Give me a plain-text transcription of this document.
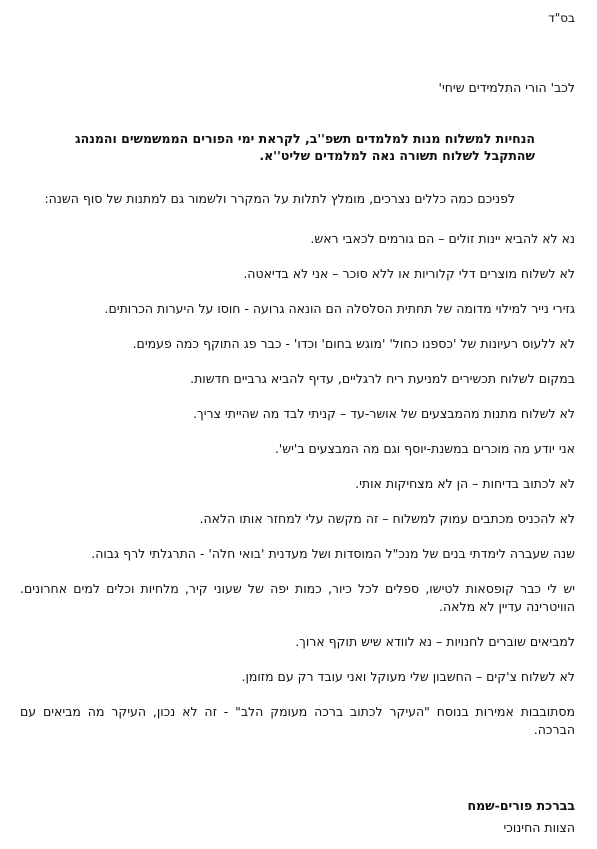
בס"ד

לכב' הורי התלמידים שיחי'

הנחיות למשלוח מנות למלמדים תשפ''ב, לקראת ימי הפורים הממשמשים והמנהג שהתקבל לשלוח תשורה נאה למלמדים שליט''א.

לפניכם כמה כללים נצרכים, מומלץ לתלות על המקרר ולשמור גם למתנות של סוף השנה:

נא לא להביא יינות זולים – הם גורמים לכאבי ראש.
לא לשלוח מוצרים דלי קלוריות או ללא סוכר – אני לא בדיאטה.
גזירי נייר למילוי מדומה של תחתית הסלסלה הם הונאה גרועה - חוסו על היערות הכרותים.
לא ללעוס רעיונות של 'כספנו כחול' 'מוגש בחום' וכדו' - כבר פג התוקף כמה פעמים.
במקום לשלוח תכשירים למניעת ריח לרגליים, עדיף להביא גרביים חדשות.
לא לשלוח מתנות מהמבצעים של אושר-עד – קניתי לבד מה שהייתי צריך.
אני יודע מה מוכרים במשנת-יוסף וגם מה המבצעים ב'יש'.
לא לכתוב בדיחות – הן לא מצחיקות אותי.
לא להכניס מכתבים עמוק למשלוח – זה מקשה עלי למחזר אותו הלאה.
שנה שעברה לימדתי בנים של מנכ"ל המוסדות ושל מעדנית 'בואי חלה' - התרגלתי לרף גבוה.
יש לי כבר קופסאות לטישו, ספלים לכל כיור, כמות יפה של שעוני קיר, מלחיות וכלים למים אחרונים. הוויטרינה עדיין לא מלאה.
למביאים שוברים לחנויות – נא לוודא שיש תוקף ארוך.
לא לשלוח צ'קים – החשבון שלי מעוקל ואני עובד רק עם מזומן.
מסתובבות אמירות בנוסח "העיקר לכתוב ברכה מעומק הלב" - זה לא נכון, העיקר מה מביאים עם הברכה.

בברכת פורים-שמח

הצוות החינוכי
